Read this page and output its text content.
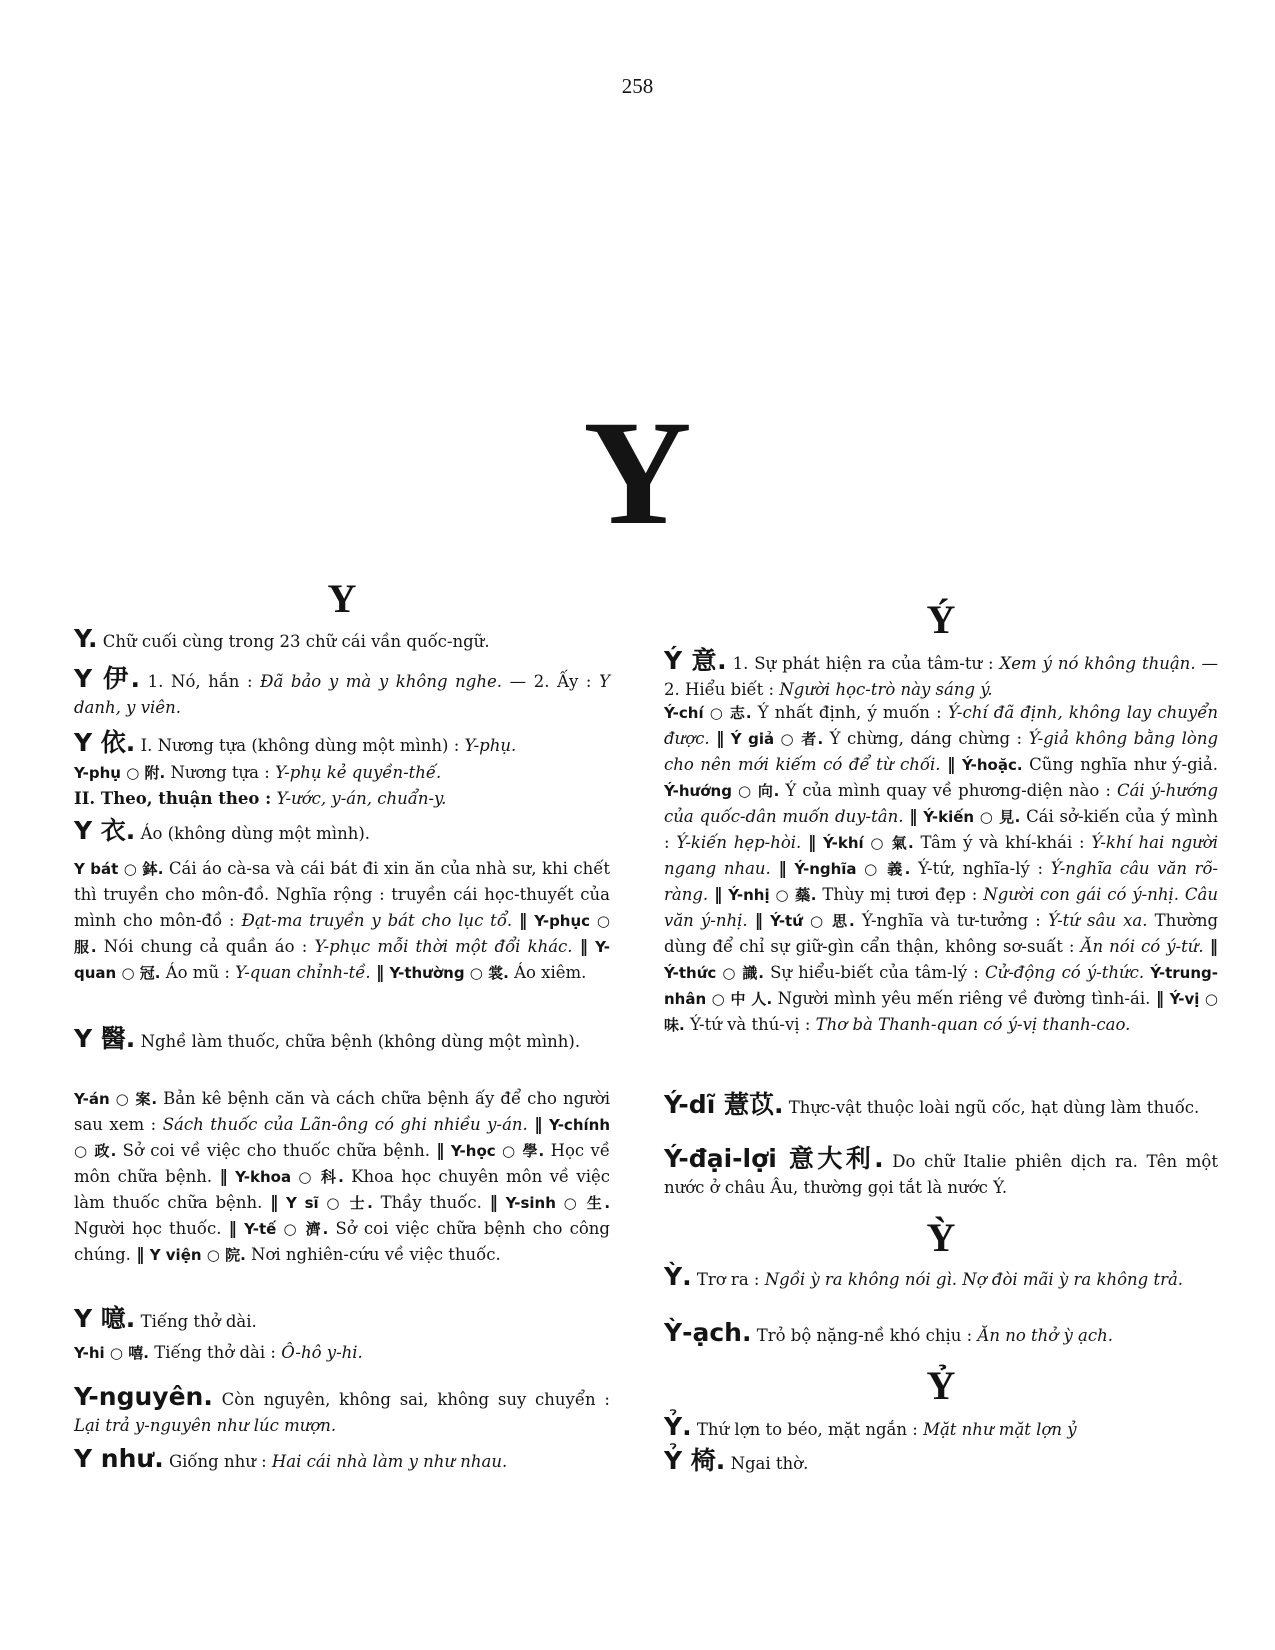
258
Y
Y
Y. Chữ cuối cùng trong 23 chữ cái vần quốc-ngữ.
Y 伊. 1. Nó, hắn : Đã bảo y mà y không nghe. — 2. Ấy : Y danh, y viên.
Y 依. I. Nương tựa (không dùng một mình) : Y-phụ.
Y-phụ ○ 附. Nương tựa : Y-phụ kẻ quyền-thế.
II. Theo, thuận theo : Y-ước, y-án, chuẩn-y.
Y 衣. Áo (không dùng một mình).
Y bát ○ 鉢. Cái áo cà-sa và cái bát đi xin ăn của nhà sư, khi chết thì truyền cho môn-đồ. Nghĩa rộng : truyền cái học-thuyết của mình cho môn-đồ : Đạt-ma truyền y bát cho lục tổ. ‖ Y-phục ○ 服. Nói chung cả quần áo : Y-phục mỗi thời một đổi khác. ‖ Y-quan ○ 冠. Áo mũ : Y-quan chỉnh-tề. ‖ Y-thường ○ 裳. Áo xiêm.
Y 醫. Nghề làm thuốc, chữa bệnh (không dùng một mình).
Y-án ○ 案. Bản kê bệnh căn và cách chữa bệnh ấy để cho người sau xem : Sách thuốc của Lãn-ông có ghi nhiều y-án. ‖ Y-chính ○ 政. Sở coi về việc cho thuốc chữa bệnh. ‖ Y-học ○ 學. Học về môn chữa bệnh. ‖ Y-khoa ○ 科. Khoa học chuyên môn về việc làm thuốc chữa bệnh. ‖ Y sĩ ○ 士. Thầy thuốc. ‖ Y-sinh ○ 生. Người học thuốc. ‖ Y-tế ○ 濟. Sở coi việc chữa bệnh cho công chúng. ‖ Y viện ○ 院. Nơi nghiên-cứu về việc thuốc.
Y 噫. Tiếng thở dài.
Y-hi ○ 嘻. Tiếng thở dài : Ô-hô y-hi.
Y-nguyên. Còn nguyên, không sai, không suy chuyển : Lại trả y-nguyên như lúc mượn.
Y như. Giống như : Hai cái nhà làm y như nhau.
Ý
Ý 意. 1. Sự phát hiện ra của tâm-tư : Xem ý nó không thuận. — 2. Hiểu biết : Người học-trò này sáng ý.
Ý-chí ○ 志. Ý nhất định, ý muốn : Ý-chí đã định, không lay chuyển được. ‖ Ý giả ○ 者. Ý chừng, dáng chừng : Ý-giả không bằng lòng cho nên mới kiếm có để từ chối. ‖ Ý-hoặc. Cũng nghĩa như ý-giả. Ý-hướng ○ 向. Ý của mình quay về phương-diện nào : Cái ý-hướng của quốc-dân muốn duy-tân. ‖ Ý-kiến ○ 見. Cái sở-kiến của ý mình : Ý-kiến hẹp-hòi. ‖ Ý-khí ○ 氣. Tâm ý và khí-khái : Ý-khí hai người ngang nhau. ‖ Ý-nghĩa ○ 義. Ý-tứ, nghĩa-lý : Ý-nghĩa câu văn rõ-ràng. ‖ Ý-nhị ○ 蘂. Thùy mị tươi đẹp : Người con gái có ý-nhị. Câu văn ý-nhị. ‖ Ý-tứ ○ 思. Ý-nghĩa và tư-tưởng : Ý-tứ sâu xa. Thường dùng để chỉ sự giữ-gìn cẩn thận, không sơ-suất : Ăn nói có ý-tứ. ‖ Ý-thức ○ 識. Sự hiểu-biết của tâm-lý : Cử-động có ý-thức. Ý-trung-nhân ○ 中 人. Người mình yêu mến riêng về đường tình-ái. ‖ Ý-vị ○ 味. Ý-tứ và thú-vị : Thơ bà Thanh-quan có ý-vị thanh-cao.
Ý-dĩ 薏苡. Thực-vật thuộc loài ngũ cốc, hạt dùng làm thuốc.
Ý-đại-lợi 意大利. Do chữ Italie phiên dịch ra. Tên một nước ở châu Âu, thường gọi tắt là nước Ý.
Ỳ
Ỳ. Trơ ra : Ngồi ỳ ra không nói gì. Nợ đòi mãi ỳ ra không trả.
Ỳ-ạch. Trỏ bộ nặng-nề khó chịu : Ăn no thở ỳ ạch.
Ỷ
Ỷ. Thứ lợn to béo, mặt ngắn : Mặt như mặt lợn ỷ
Ỷ 椅. Ngai thờ.
